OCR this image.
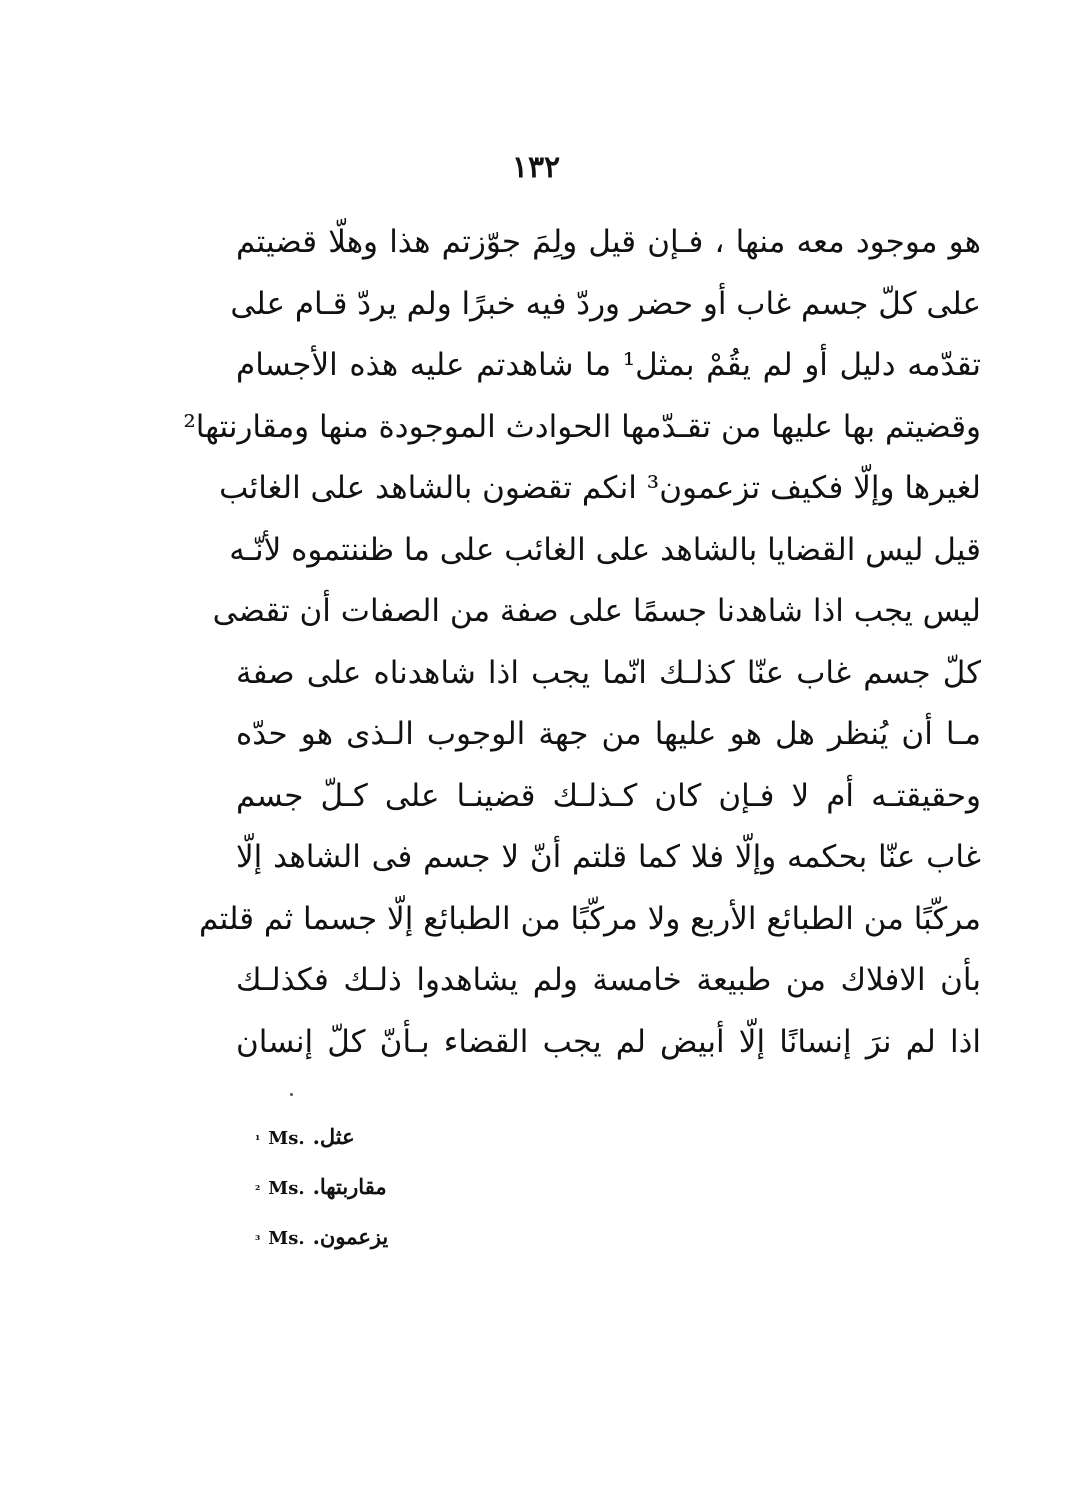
١٣٢
هو موجود معه منها ، فـإن قيل ولِمَ جوّزتم هذا وهلّا قضيتم
على كلّ جسم غاب أو حضر وردّ فيه خبرًا ولم يردّ قـام على
تقدّمه دليل أو لم يقُمْ بمثل¹ ما شاهدتم عليه هذه الأجسام
وقضيتم بها عليها من تقـدّمها الحوادث الموجودة منها ومقارنتها²
لغيرها وإلّا فكيف تزعمون³ انكم تقضون بالشاهد على الغائب
قيل ليس القضايا بالشاهد على الغائب على ما ظننتموه لأنّـه
ليس يجب اذا شاهدنا جسمًا على صفة من الصفات أن تقضى
كلّ جسم غاب عنّا كذلـك انّما يجب اذا شاهدناه على صفة
مـا أن يُنظر هل هو عليها من جهة الوجوب الـذى هو حدّه
وحقيقتـه أم لا فـإن كان كـذلـك قضينـا على كـلّ جسم
غاب عنّا بحكمه وإلّا فلا كما قلتم أنّ لا جسم فى الشاهد إلّا
مركّبًا من الطبائع الأربع ولا مركّبًا من الطبائع إلّا جسما ثم قلتم
بأن الافلاك من طبيعة خامسة ولم يشاهدوا ذلـك فكذلـك
اذا لم نرَ إنسانًا إلّا أبيض لم يجب القضاء بـأنّ كلّ إنسان
¹ Ms. عثل.
² Ms. مقاربتها.
³ Ms. يزعمون.
